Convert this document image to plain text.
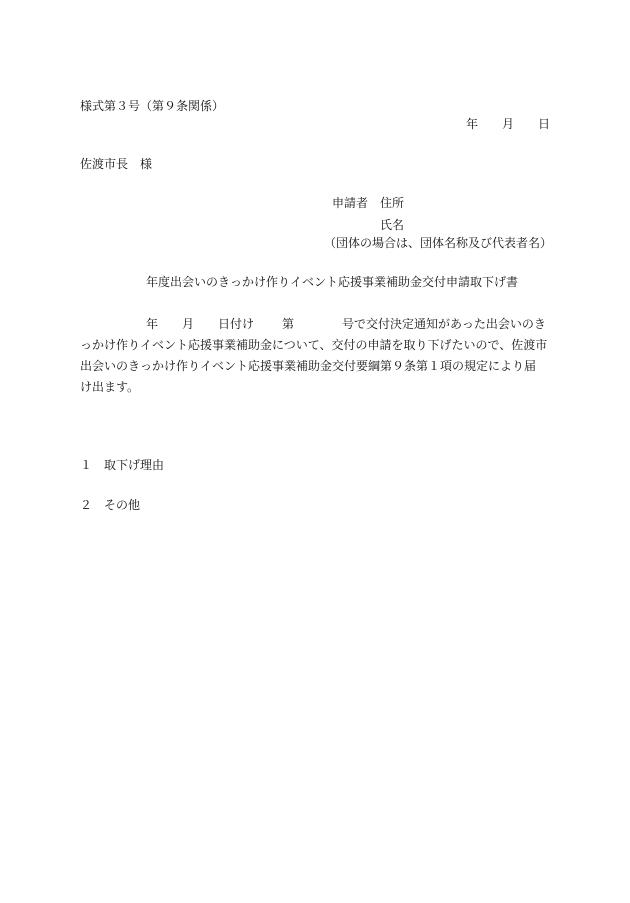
様式第３号（第９条関係）
年 月 日
佐渡市長　様
申請者 住所
氏名
（団体の場合は、団体名称及び代表者名）
年度出会いのきっかけ作りイベント応援事業補助金交付申請取下げ書
年 月 日付け 第	号で交付決定通知があった出会いのき
っかけ作りイベント応援事業補助金について、交付の申請を取り下げたいので、佐渡市
出会いのきっかけ作りイベント応援事業補助金交付要綱第９条第１項の規定により届
け出ます。
１　取下げ理由
２　その他
